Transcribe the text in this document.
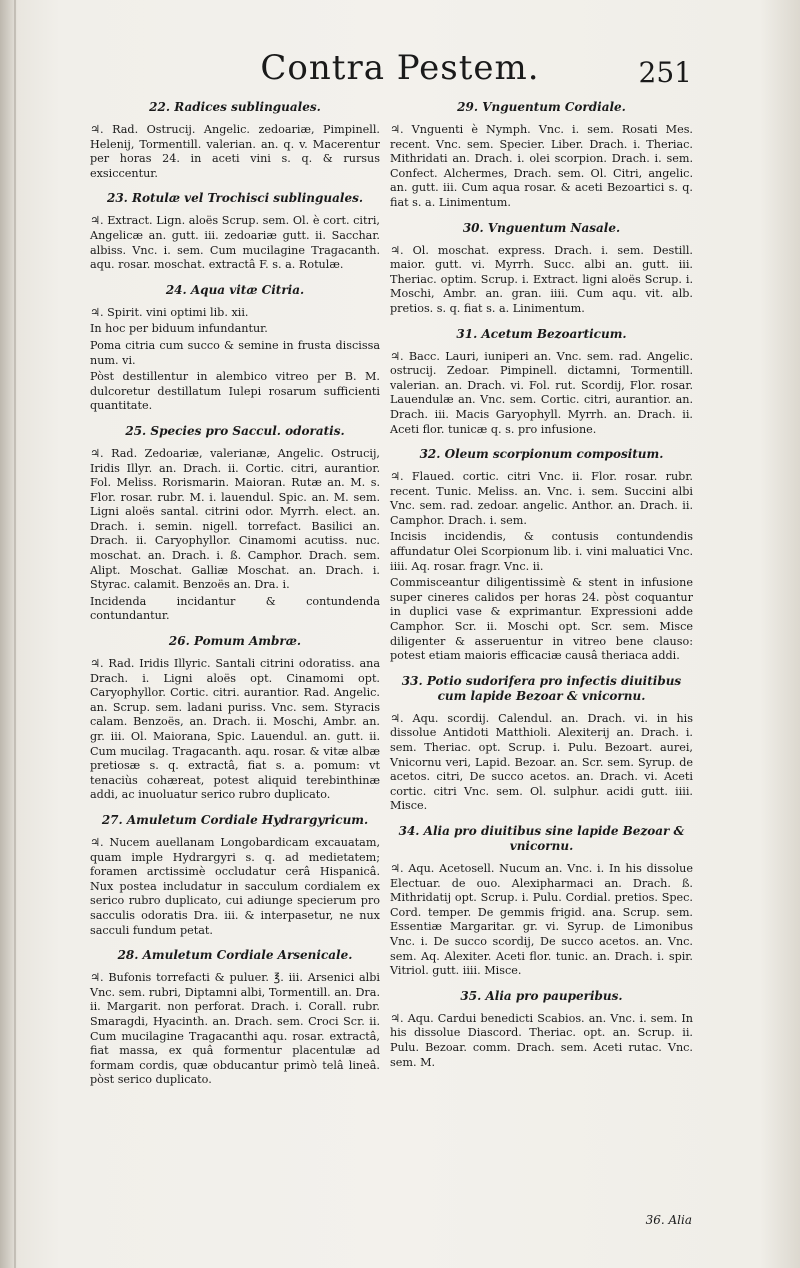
Contra Pestem.	251
22. Radices sublinguales.
♃. Rad. Ostrucij. Angelic. zedoariæ, Pimpinell. Helenij, Tormentill. valerian. an. q. v. Macerentur per horas 24. in aceti vini s. q. & rursus exsiccentur.
23. Rotulæ vel Trochisci sublinguales.
♃. Extract. Lign. aloës Scrup. sem. Ol. è cort. citri, Angelicæ an. gutt. iii. zedoariæ gutt. ii. Sacchar. albiss. Vnc. i. sem. Cum mucilagine Tragacanth. aqu. rosar. moschat. extractâ F. s. a. Rotulæ.
24. Aqua vitæ Citria.
♃. Spirit. vini optimi lib. xii.
In hoc per biduum infundantur.
Poma citria cum succo & semine in frusta discissa num. vi.
Pòst destillentur in alembico vitreo per B. M. dulcoretur destillatum Iulepi rosarum sufficienti quantitate.
25. Species pro Saccul. odoratis.
♃. Rad. Zedoariæ, valerianæ, Angelic. Ostrucij, Iridis Illyr. an. Drach. ii. Cortic. citri, aurantior. Fol. Meliss. Rorismarin. Maioran. Rutæ an. M. s. Flor. rosar. rubr. M. i. lauendul. Spic. an. M. sem. Ligni aloës santal. citrini odor. Myrrh. elect. an. Drach. i. semin. nigell. torrefact. Basilici an. Drach. ii. Caryophyllor. Cinamomi acutiss. nuc. moschat. an. Drach. i. ß. Camphor. Drach. sem. Alipt. Moschat. Galliæ Moschat. an. Drach. i. Styrac. calamit. Benzoës an. Dra. i.
Incidenda incidantur & contundenda contundantur.
26. Pomum Ambræ.
♃. Rad. Iridis Illyric. Santali citrini odoratiss. ana Drach. i. Ligni aloës opt. Cinamomi opt. Caryophyllor. Cortic. citri. aurantior. Rad. Angelic. an. Scrup. sem. ladani puriss. Vnc. sem. Styracis calam. Benzoës, an. Drach. ii. Moschi, Ambr. an. gr. iii. Ol. Maiorana, Spic. Lauendul. an. gutt. ii. Cum mucilag. Tragacanth. aqu. rosar. & vitæ albæ pretiosæ s. q. extractâ, fiat s. a. pomum: vt tenaciùs cohæreat, potest aliquid terebinthinæ addi, ac inuoluatur serico rubro duplicato.
27. Amuletum Cordiale Hydrargyricum.
♃. Nucem auellanam Longobardicam excauatam, quam imple Hydrargyri s. q. ad medietatem; foramen arctissimè occludatur cerâ Hispanicâ. Nux postea includatur in sacculum cordialem ex serico rubro duplicato, cui adiunge specierum pro sacculis odoratis Dra. iii. & interpasetur, ne nux sacculi fundum petat.
28. Amuletum Cordiale Arsenicale.
♃. Bufonis torrefacti & puluer. ℥. iii. Arsenici albi Vnc. sem. rubri, Diptamni albi, Tormentill. an. Dra. ii. Margarit. non perforat. Drach. i. Corall. rubr. Smaragdi, Hyacinth. an. Drach. sem. Croci Scr. ii. Cum mucilagine Tragacanthi aqu. rosar. extractâ, fiat massa, ex quâ formentur placentulæ ad formam cordis, quæ obducantur primò telâ lineâ. pòst serico duplicato.
29. Vnguentum Cordiale.
♃. Vnguenti è Nymph. Vnc. i. sem. Rosati Mes. recent. Vnc. sem. Specier. Liber. Drach. i. Theriac. Mithridati an. Drach. i. olei scorpion. Drach. i. sem. Confect. Alchermes, Drach. sem. Ol. Citri, angelic. an. gutt. iii. Cum aqua rosar. & aceti Bezoartici s. q. fiat s. a. Linimentum.
30. Vnguentum Nasale.
♃. Ol. moschat. express. Drach. i. sem. Destill. maior. gutt. vi. Myrrh. Succ. albi an. gutt. iii. Theriac. optim. Scrup. i. Extract. ligni aloës Scrup. i. Moschi, Ambr. an. gran. iiii. Cum aqu. vit. alb. pretios. s. q. fiat s. a. Linimentum.
31. Acetum Bezoarticum.
♃. Bacc. Lauri, iuniperi an. Vnc. sem. rad. Angelic. ostrucij. Zedoar. Pimpinell. dictamni, Tormentill. valerian. an. Drach. vi. Fol. rut. Scordij, Flor. rosar. Lauendulæ an. Vnc. sem. Cortic. citri, aurantior. an. Drach. iii. Macis Garyophyll. Myrrh. an. Drach. ii. Aceti flor. tunicæ q. s. pro infusione.
32. Oleum scorpionum compositum.
♃. Flaued. cortic. citri Vnc. ii. Flor. rosar. rubr. recent. Tunic. Meliss. an. Vnc. i. sem. Succini albi Vnc. sem. rad. zedoar. angelic. Anthor. an. Drach. ii. Camphor. Drach. i. sem.
Incisis incidendis, & contusis contundendis affundatur Olei Scorpionum lib. i. vini maluatici Vnc. iiii. Aq. rosar. fragr. Vnc. ii.
Commisceantur diligentissimè & stent in infusione super cineres calidos per horas 24. pòst coquantur in duplici vase & exprimantur. Expressioni adde Camphor. Scr. ii. Moschi opt. Scr. sem. Misce diligenter & asseruentur in vitreo bene clauso: potest etiam maioris efficaciæ causâ theriaca addi.
33. Potio sudorifera pro infectis diuitibus cum lapide Bezoar & vnicornu.
♃. Aqu. scordij. Calendul. an. Drach. vi. in his dissolue Antidoti Matthioli. Alexiterij an. Drach. i. sem. Theriac. opt. Scrup. i. Pulu. Bezoart. aurei, Vnicornu veri, Lapid. Bezoar. an. Scr. sem. Syrup. de acetos. citri, De succo acetos. an. Drach. vi. Aceti cortic. citri Vnc. sem. Ol. sulphur. acidi gutt. iiii. Misce.
34. Alia pro diuitibus sine lapide Bezoar & vnicornu.
♃. Aqu. Acetosell. Nucum an. Vnc. i. In his dissolue Electuar. de ouo. Alexipharmaci an. Drach. ß. Mithridatij opt. Scrup. i. Pulu. Cordial. pretios. Spec. Cord. temper. De gemmis frigid. ana. Scrup. sem. Essentiæ Margaritar. gr. vi. Syrup. de Limonibus Vnc. i. De succo scordij, De succo acetos. an. Vnc. sem. Aq. Alexiter. Aceti flor. tunic. an. Drach. i. spir. Vitriol. gutt. iiii. Misce.
35. Alia pro pauperibus.
♃. Aqu. Cardui benedicti Scabios. an. Vnc. i. sem. In his dissolue Diascord. Theriac. opt. an. Scrup. ii. Pulu. Bezoar. comm. Drach. sem. Aceti rutac. Vnc. sem. M.
36. Alia
